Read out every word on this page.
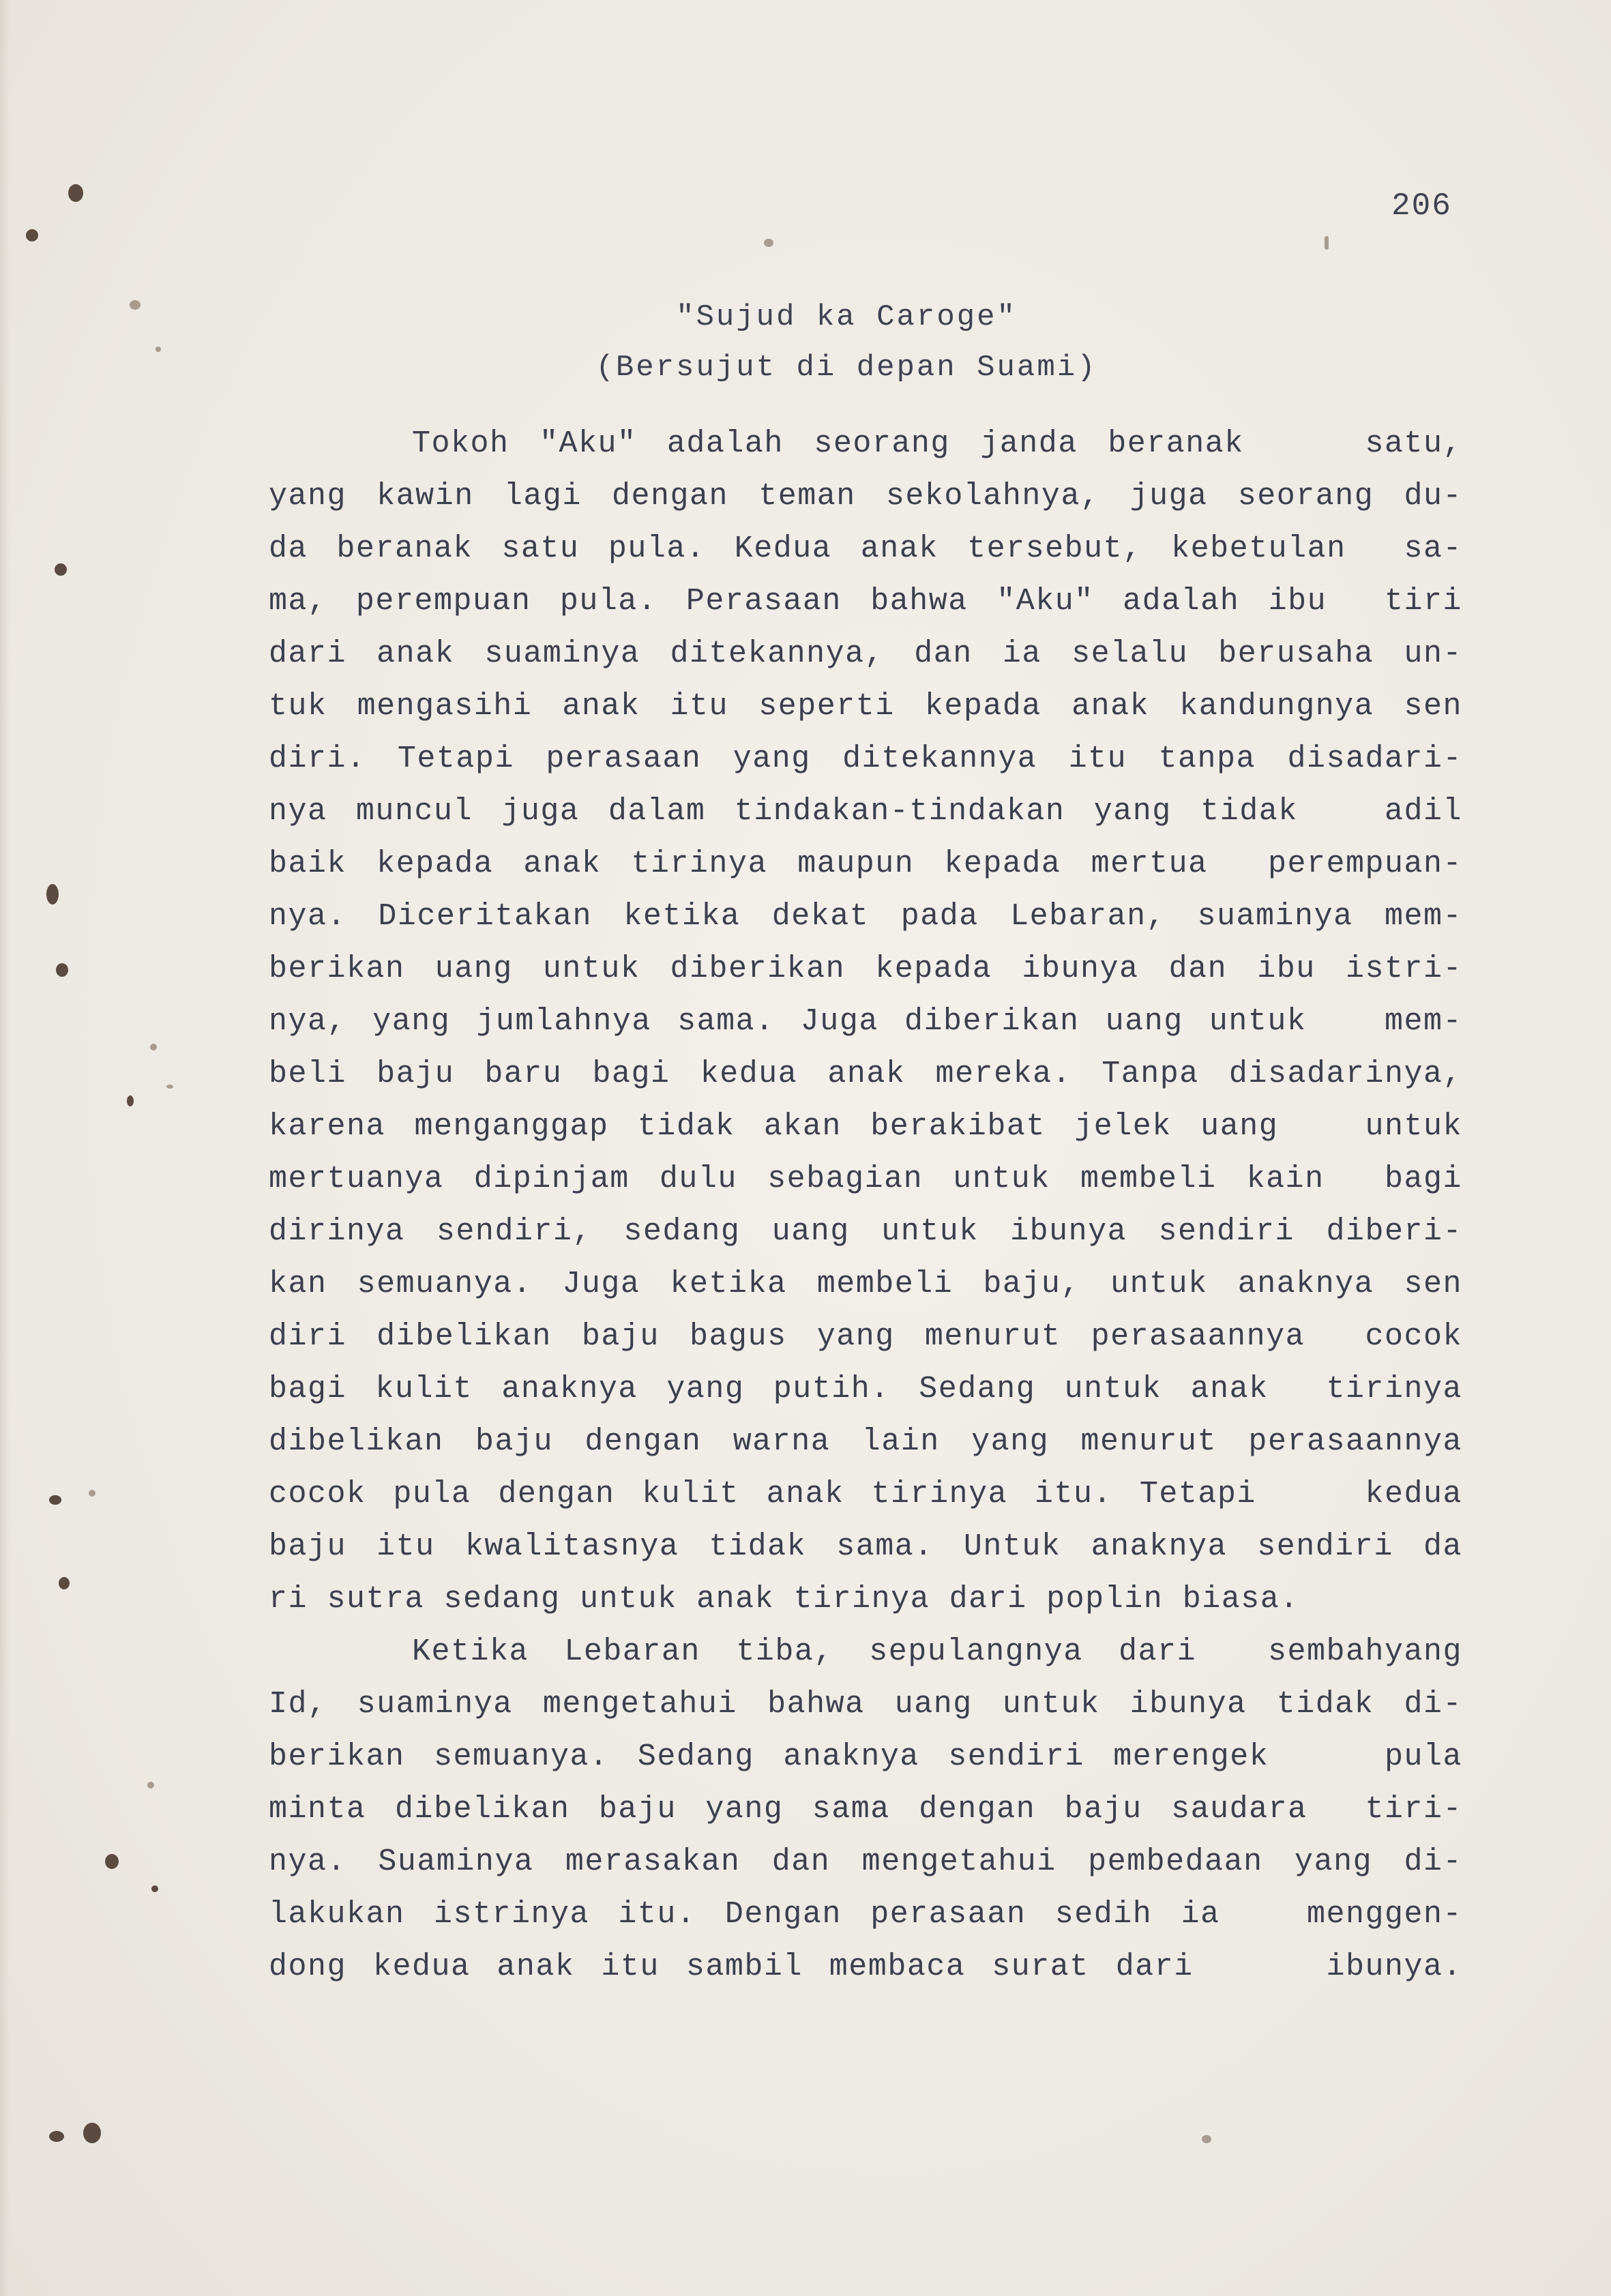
206
"Sujud ka Caroge"
(Bersujut di depan Suami)
Tokoh "Aku" adalah seorang janda beranak    satu,
yang kawin lagi dengan teman sekolahnya, juga seorang du-
da beranak satu pula. Kedua anak tersebut, kebetulan  sa-
ma, perempuan pula. Perasaan bahwa "Aku" adalah ibu  tiri
dari anak suaminya ditekannya, dan ia selalu berusaha un-
tuk mengasihi anak itu seperti kepada anak kandungnya sen
diri. Tetapi perasaan yang ditekannya itu tanpa disadari-
nya muncul juga dalam tindakan-tindakan yang tidak   adil
baik kepada anak tirinya maupun kepada mertua  perempuan-
nya. Diceritakan ketika dekat pada Lebaran, suaminya mem-
berikan uang untuk diberikan kepada ibunya dan ibu istri-
nya, yang jumlahnya sama. Juga diberikan uang untuk   mem-
beli baju baru bagi kedua anak mereka. Tanpa disadarinya,
karena menganggap tidak akan berakibat jelek uang   untuk
mertuanya dipinjam dulu sebagian untuk membeli kain  bagi
dirinya sendiri, sedang uang untuk ibunya sendiri diberi-
kan semuanya. Juga ketika membeli baju, untuk anaknya sen
diri dibelikan baju bagus yang menurut perasaannya  cocok
bagi kulit anaknya yang putih. Sedang untuk anak  tirinya
dibelikan baju dengan warna lain yang menurut perasaannya
cocok pula dengan kulit anak tirinya itu. Tetapi    kedua
baju itu kwalitasnya tidak sama. Untuk anaknya sendiri da
ri sutra sedang untuk anak tirinya dari poplin biasa.
Ketika Lebaran tiba, sepulangnya dari  sembahyang
Id, suaminya mengetahui bahwa uang untuk ibunya tidak di-
berikan semuanya. Sedang anaknya sendiri merengek    pula
minta dibelikan baju yang sama dengan baju saudara  tiri-
nya. Suaminya merasakan dan mengetahui pembedaan yang di-
lakukan istrinya itu. Dengan perasaan sedih ia   menggen-
dong kedua anak itu sambil membaca surat dari     ibunya.
